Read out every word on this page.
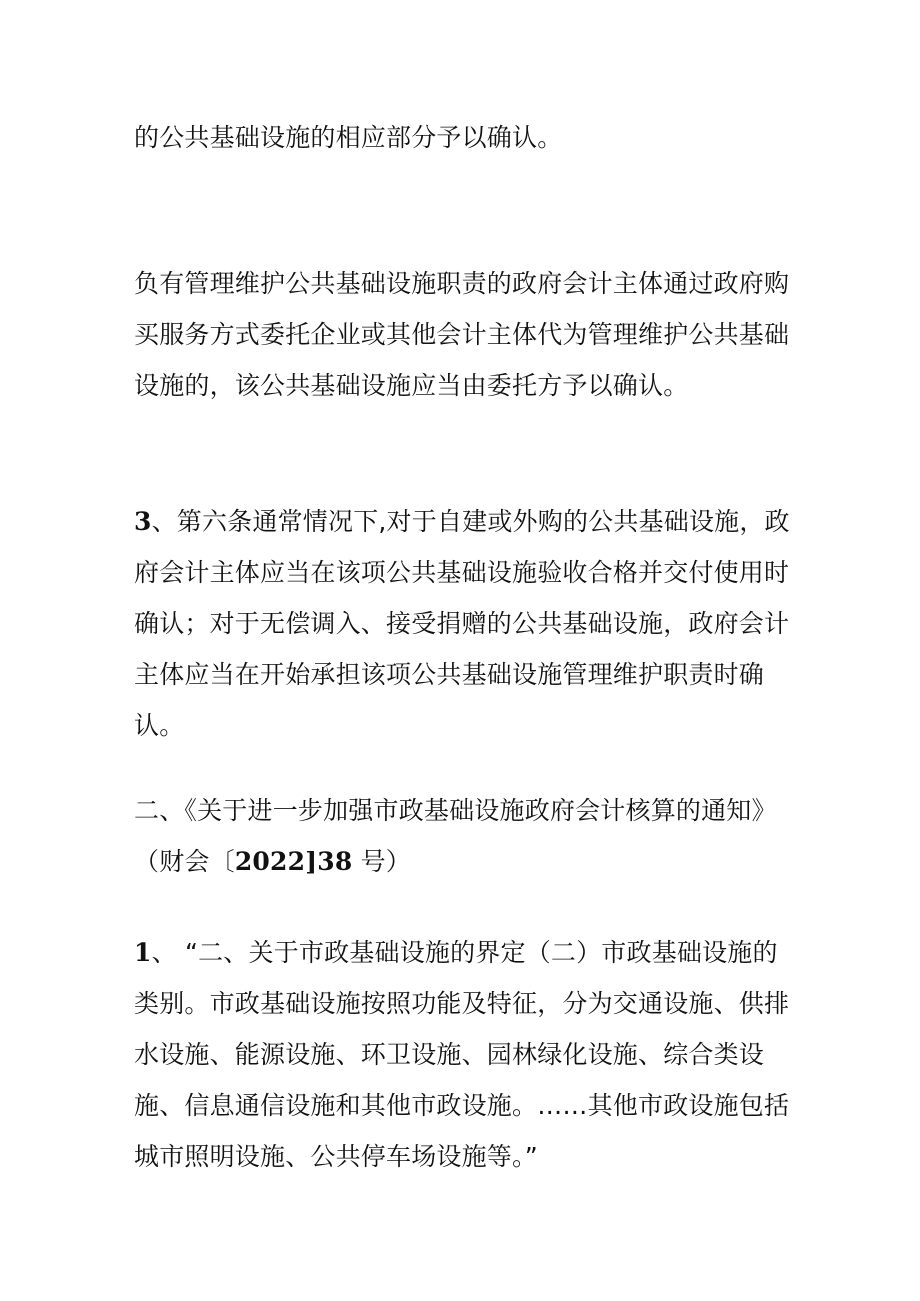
的公共基础设施的相应部分予以确认。
负有管理维护公共基础设施职责的政府会计主体通过政府购
买服务方式委托企业或其他会计主体代为管理维护公共基础
设施的，该公共基础设施应当由委托方予以确认。
3、第六条通常情况下,对于自建或外购的公共基础设施，政
府会计主体应当在该项公共基础设施验收合格并交付使用时
确认；对于无偿调入、接受捐赠的公共基础设施，政府会计
主体应当在开始承担该项公共基础设施管理维护职责时确
认。
二、《关于进一步加强市政基础设施政府会计核算的通知》
（财会〔2022]38 号）
1、 “二、关于市政基础设施的界定（二）市政基础设施的
类别。市政基础设施按照功能及特征，分为交通设施、供排
水设施、能源设施、环卫设施、园林绿化设施、综合类设
施、信息通信设施和其他市政设施。……其他市政设施包括
城市照明设施、公共停车场设施等。”
